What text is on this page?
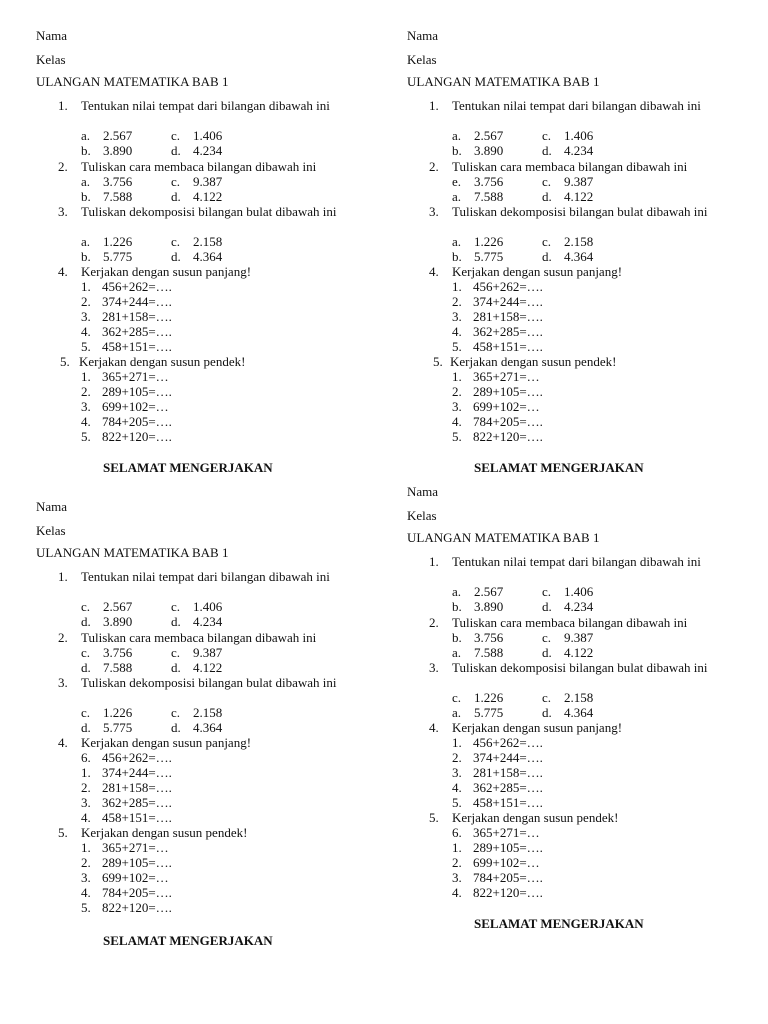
Nama
Kelas
ULANGAN MATEMATIKA BAB 1
1. Tentukan nilai tempat dari bilangan dibawah ini
a. 2.567	c. 1.406
b. 3.890	d. 4.234
2. Tuliskan cara membaca bilangan dibawah ini
a. 3.756	c. 9.387
b. 7.588	d. 4.122
3. Tuliskan dekomposisi bilangan bulat dibawah ini
a. 1.226	c. 2.158
b. 5.775	d. 4.364
4. Kerjakan dengan susun panjang!
1. 456+262=….
2. 374+244=….
3. 281+158=….
4. 362+285=….
5. 458+151=….
5. Kerjakan dengan susun pendek!
1. 365+271=…
2. 289+105=….
3. 699+102=…
4. 784+205=….
5. 822+120=….
SELAMAT MENGERJAKAN
Nama
Kelas
ULANGAN MATEMATIKA BAB 1
1. Tentukan nilai tempat dari bilangan dibawah ini
a. 2.567	c. 1.406
b. 3.890	d. 4.234
2. Tuliskan cara membaca bilangan dibawah ini
e. 3.756	c. 9.387
a. 7.588	d. 4.122
3. Tuliskan dekomposisi bilangan bulat dibawah ini
a. 1.226	c. 2.158
b. 5.775	d. 4.364
4. Kerjakan dengan susun panjang!
1. 456+262=….
2. 374+244=….
3. 281+158=….
4. 362+285=….
5. 458+151=….
5. Kerjakan dengan susun pendek!
1. 365+271=…
2. 289+105=….
3. 699+102=…
4. 784+205=….
5. 822+120=….
SELAMAT MENGERJAKAN
Nama
Kelas
ULANGAN MATEMATIKA BAB 1
1. Tentukan nilai tempat dari bilangan dibawah ini
c. 2.567	c. 1.406
d. 3.890	d. 4.234
2. Tuliskan cara membaca bilangan dibawah ini
c. 3.756	c. 9.387
d. 7.588	d. 4.122
3. Tuliskan dekomposisi bilangan bulat dibawah ini
c. 1.226	c. 2.158
d. 5.775	d. 4.364
4. Kerjakan dengan susun panjang!
6. 456+262=….
1. 374+244=….
2. 281+158=….
3. 362+285=….
4. 458+151=….
5. Kerjakan dengan susun pendek!
1. 365+271=…
2. 289+105=….
3. 699+102=…
4. 784+205=….
5. 822+120=….
SELAMAT MENGERJAKAN
Nama
Kelas
ULANGAN MATEMATIKA BAB 1
1. Tentukan nilai tempat dari bilangan dibawah ini
a. 2.567	c. 1.406
b. 3.890	d. 4.234
2. Tuliskan cara membaca bilangan dibawah ini
b. 3.756	c. 9.387
a. 7.588	d. 4.122
3. Tuliskan dekomposisi bilangan bulat dibawah ini
c. 1.226	c. 2.158
a. 5.775	d. 4.364
4. Kerjakan dengan susun panjang!
1. 456+262=….
2. 374+244=….
3. 281+158=….
4. 362+285=….
5. 458+151=….
5. Kerjakan dengan susun pendek!
6. 365+271=…
1. 289+105=….
2. 699+102=…
3. 784+205=….
4. 822+120=….
SELAMAT MENGERJAKAN
